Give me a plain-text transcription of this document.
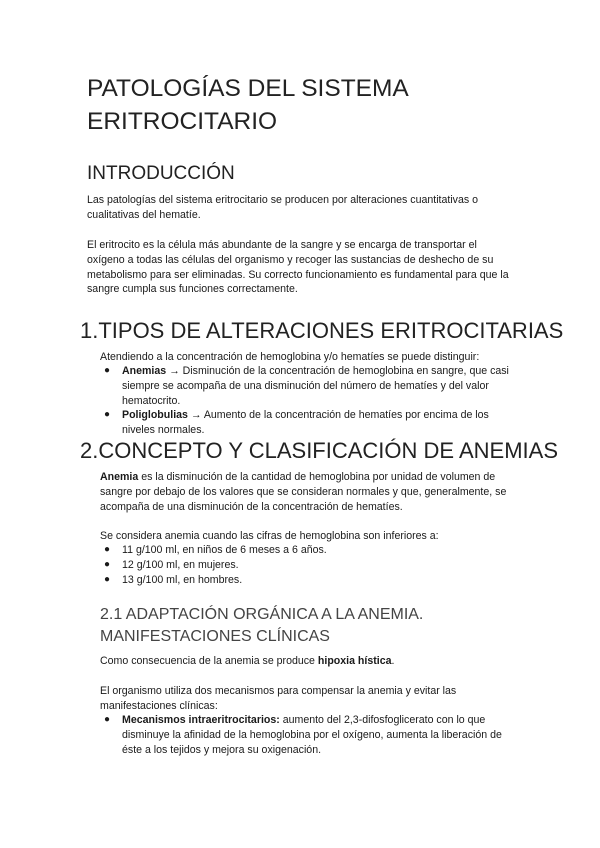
PATOLOGÍAS DEL SISTEMA ERITROCITARIO
INTRODUCCIÓN
Las patologías del sistema eritrocitario se producen por alteraciones cuantitativas o cualitativas del hematíe.
El eritrocito es la célula más abundante de la sangre y se encarga de transportar el oxígeno a todas las células del organismo y recoger las sustancias de deshecho de su metabolismo para ser eliminadas. Su correcto funcionamiento es fundamental para que la sangre cumpla sus funciones correctamente.
1.TIPOS DE ALTERACIONES ERITROCITARIAS
Atendiendo a la concentración de hemoglobina y/o hematíes se puede distinguir:
● Anemias → Disminución de la concentración de hemoglobina en sangre, que casi siempre se acompaña de una disminución del número de hematíes y del valor hematocrito.
● Poliglobulias → Aumento de la concentración de hematíes por encima de los niveles normales.
2.CONCEPTO Y CLASIFICACIÓN DE ANEMIAS
Anemia es la disminución de la cantidad de hemoglobina por unidad de volumen de sangre por debajo de los valores que se consideran normales y que, generalmente, se acompaña de una disminución de la concentración de hematíes.
Se considera anemia cuando las cifras de hemoglobina son inferiores a:
● 11 g/100 ml, en niños de 6 meses a 6 años.
● 12 g/100 ml, en mujeres.
● 13 g/100 ml, en hombres.
2.1 ADAPTACIÓN ORGÁNICA A LA ANEMIA. MANIFESTACIONES CLÍNICAS
Como consecuencia de la anemia se produce hipoxia hística.
El organismo utiliza dos mecanismos para compensar la anemia y evitar las manifestaciones clínicas:
● Mecanismos intraeritrocitarios: aumento del 2,3-difosfoglicerato con lo que disminuye la afinidad de la hemoglobina por el oxígeno, aumenta la liberación de éste a los tejidos y mejora su oxigenación.
